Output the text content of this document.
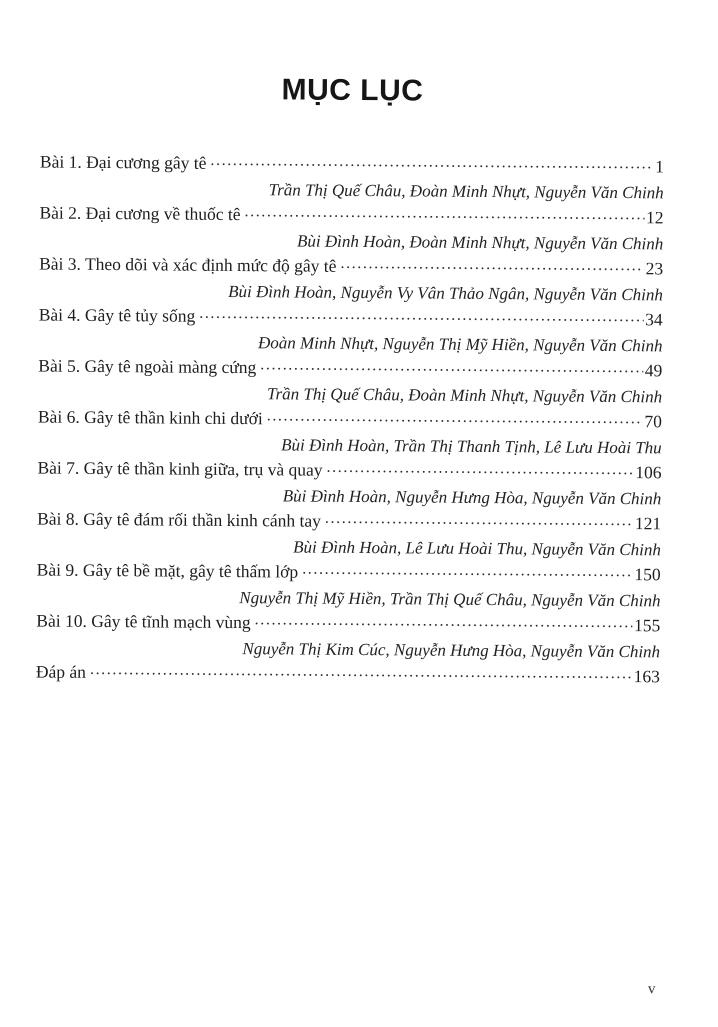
MỤC LỤC
Bài 1. Đại cương gây tê .....	1
Trần Thị Quế Châu, Đoàn Minh Nhựt, Nguyễn Văn Chinh
Bài 2. Đại cương về thuốc tê .....	12
Bùi Đình Hoàn, Đoàn Minh Nhựt, Nguyễn Văn Chinh
Bài 3. Theo dõi và xác định mức độ gây tê .....	23
Bùi Đình Hoàn, Nguyễn Vy Vân Thảo Ngân, Nguyễn Văn Chinh
Bài 4. Gây tê tủy sống .....	34
Đoàn Minh Nhựt, Nguyễn Thị Mỹ Hiền, Nguyễn Văn Chinh
Bài 5. Gây tê ngoài màng cứng .....	49
Trần Thị Quế Châu, Đoàn Minh Nhựt, Nguyễn Văn Chinh
Bài 6. Gây tê thần kinh chi dưới .....	70
Bùi Đình Hoàn, Trần Thị Thanh Tịnh, Lê Lưu Hoài Thu
Bài 7. Gây tê thần kinh giữa, trụ và quay .....	106
Bùi Đình Hoàn, Nguyễn Hưng Hòa, Nguyễn Văn Chinh
Bài 8. Gây tê đám rối thần kinh cánh tay .....	121
Bùi Đình Hoàn, Lê Lưu Hoài Thu, Nguyễn Văn Chinh
Bài 9. Gây tê bề mặt, gây tê thấm lớp .....	150
Nguyễn Thị Mỹ Hiền, Trần Thị Quế Châu, Nguyễn Văn Chinh
Bài 10. Gây tê tĩnh mạch vùng .....	155
Nguyễn Thị Kim Cúc, Nguyễn Hưng Hòa, Nguyễn Văn Chinh
Đáp án .....	163
v
